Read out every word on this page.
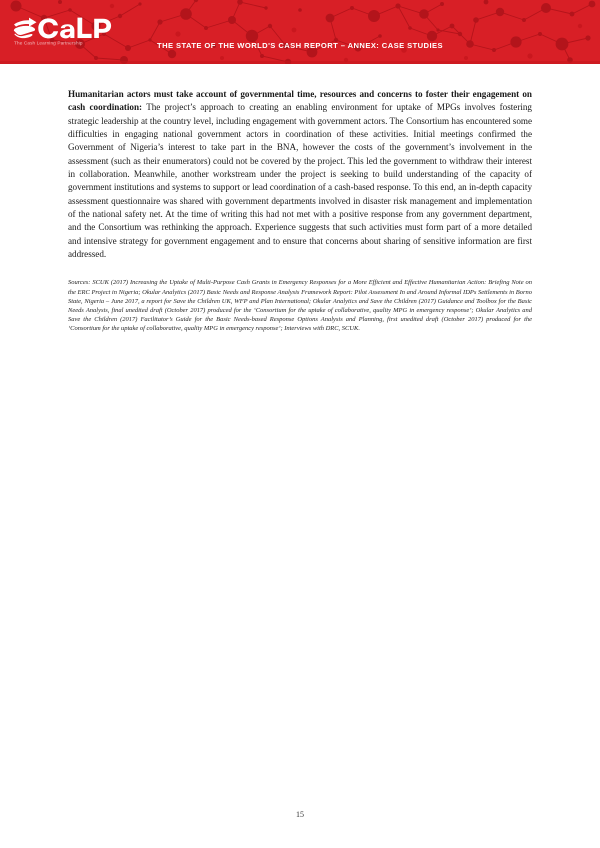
The Cash Learning Partnership	THE STATE OF THE WORLD'S CASH REPORT – ANNEX: CASE STUDIES

Humanitarian actors must take account of governmental time, resources and concerns to foster their engagement on cash coordination: The project’s approach to creating an enabling environment for uptake of MPGs involves fostering strategic leadership at the country level, including engagement with government actors. The Consortium has encountered some difficulties in engaging national government actors in coordination of these activities. Initial meetings confirmed the Government of Nigeria’s interest to take part in the BNA, however the costs of the government’s involvement in the assessment (such as their enumerators) could not be covered by the project. This led the government to withdraw their interest in collaboration. Meanwhile, another workstream under the project is seeking to build understanding of the capacity of government institutions and systems to support or lead coordination of a cash-based response. To this end, an in-depth capacity assessment questionnaire was shared with government departments involved in disaster risk management and implementation of the national safety net. At the time of writing this had not met with a positive response from any government department, and the Consortium was rethinking the approach. Experience suggests that such activities must form part of a more detailed and intensive strategy for government engagement and to ensure that concerns about sharing of sensitive information are first addressed.

Sources: SCUK (2017) Increasing the Uptake of Multi-Purpose Cash Grants in Emergency Responses for a More Efficient and Effective Humanitarian Action: Briefing Note on the ERC Project in Nigeria; Okular Analytics (2017) Basic Needs and Response Analysis Framework Report: Pilot Assessment In and Around Informal IDPs Settlements in Borno State, Nigeria – June 2017, a report for Save the Children UK, WFP and Plan International; Okular Analytics and Save the Children (2017) Guidance and Toolbox for the Basic Needs Analysis, final unedited draft (October 2017) produced for the ‘Consortium for the uptake of collaborative, quality MPG in emergency response’; Okular Analytics and Save the Children (2017) Facilitator’s Guide for the Basic Needs-based Response Options Analysis and Planning, first unedited draft (October 2017) produced for the ‘Consortium for the uptake of collaborative, quality MPG in emergency response’; Interviews with DRC, SCUK.

15
